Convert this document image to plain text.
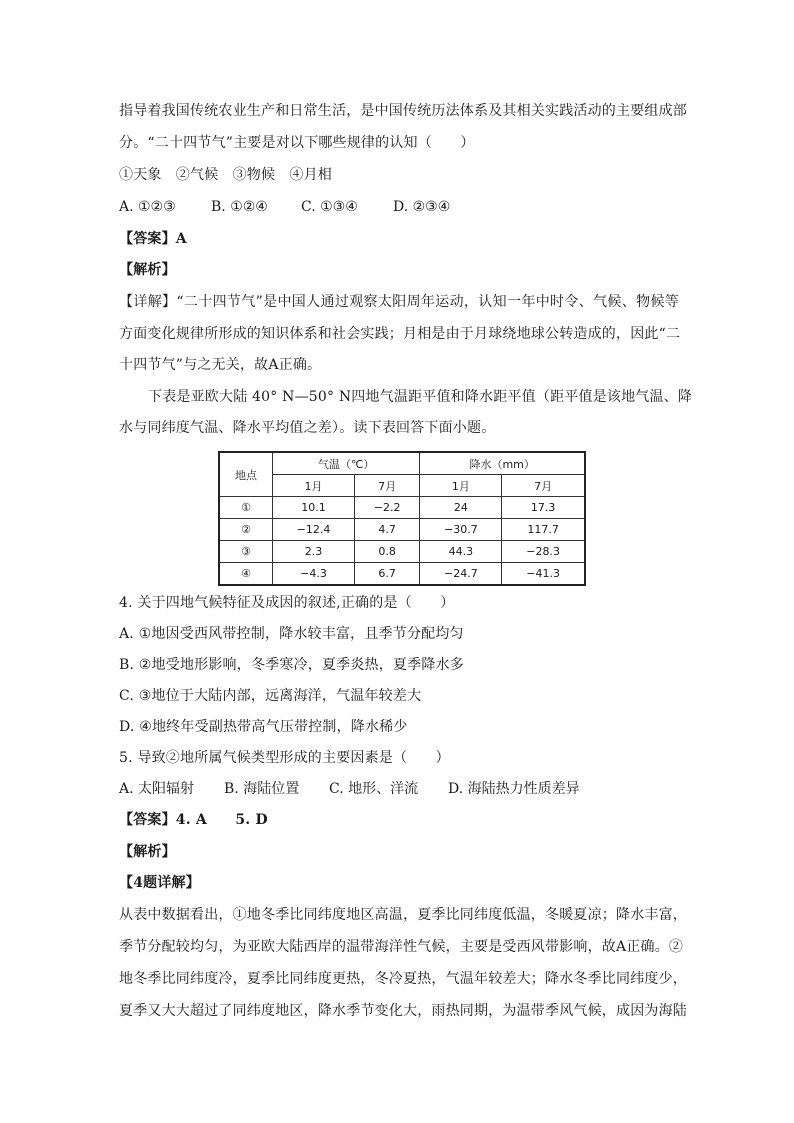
指导着我国传统农业生产和日常生活，是中国传统历法体系及其相关实践活动的主要组成部
分。“二十四节气”主要是对以下哪些规律的认知（　　）
①天象　②气候　③物候　④月相
A. ①②③	B. ①②④ C. ①③④	D. ②③④
【答案】A
【解析】
【详解】“二十四节气”是中国人通过观察太阳周年运动，认知一年中时令、气候、物候等
方面变化规律所形成的知识体系和社会实践；月相是由于月球绕地球公转造成的，因此“二
十四节气”与之无关，故A正确。
下表是亚欧大陆 40° N—50° N四地气温距平值和降水距平值（距平值是该地气温、降
水与同纬度气温、降水平均值之差）。读下表回答下面小题。
地点	气温（℃）		降水（mm）	
	1月	7月	1月	7月
①	10.1	−2.2	24	17.3
②	−12.4	4.7	−30.7	117.7
③	2.3	0.8	44.3	−28.3
④	−4.3	6.7	−24.7	−41.3
4. 关于四地气候特征及成因的叙述,正确的是（　　）
A. ①地因受西风带控制，降水较丰富，且季节分配均匀
B. ②地受地形影响，冬季寒冷，夏季炎热，夏季降水多
C. ③地位于大陆内部，远离海洋，气温年较差大
D. ④地终年受副热带高气压带控制，降水稀少
5. 导致②地所属气候类型形成的主要因素是（　　）
A. 太阳辐射 B. 海陆位置 C. 地形、洋流 D. 海陆热力性质差异
【答案】4. A　　5. D
【解析】
【4题详解】
从表中数据看出，①地冬季比同纬度地区高温，夏季比同纬度低温，冬暖夏凉；降水丰富，
季节分配较均匀，为亚欧大陆西岸的温带海洋性气候，主要是受西风带影响，故A正确。②
地冬季比同纬度冷，夏季比同纬度更热，冬冷夏热，气温年较差大；降水冬季比同纬度少，
夏季又大大超过了同纬度地区，降水季节变化大，雨热同期，为温带季风气候，成因为海陆
